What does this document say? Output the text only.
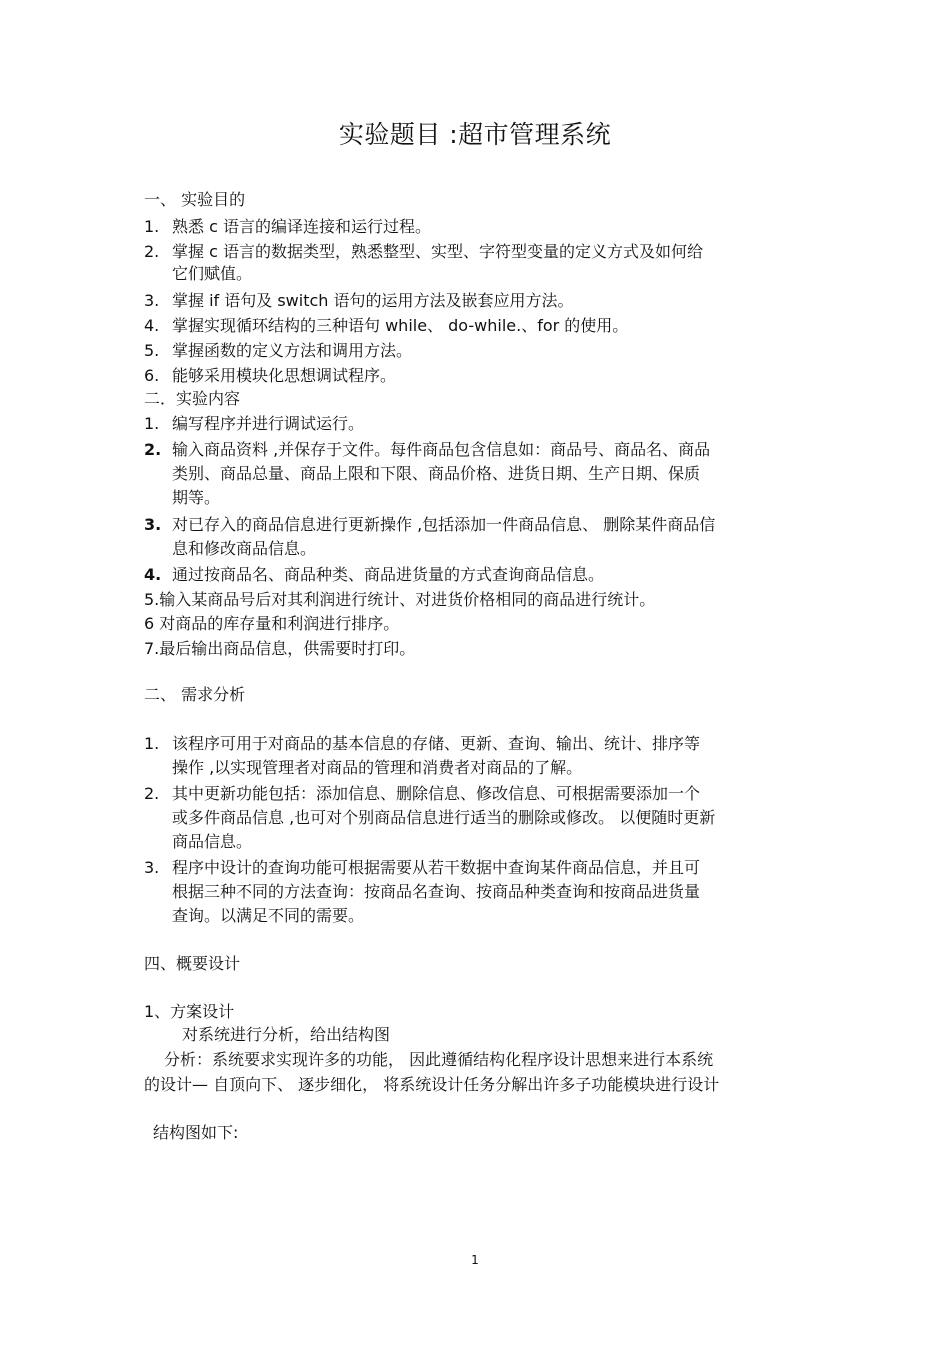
实验题目 :超市管理系统
一、 实验目的
1. 熟悉 c 语言的编译连接和运行过程。
2. 掌握 c 语言的数据类型，熟悉整型、实型、字符型变量的定义方式及如何给
它们赋值。
3. 掌握 if 语句及 switch 语句的运用方法及嵌套应用方法。
4. 掌握实现循环结构的三种语句 while、 do-while.、for 的使用。
5. 掌握函数的定义方法和调用方法。
6. 能够采用模块化思想调试程序。
二．实验内容
1. 编写程序并进行调试运行。
2. 输入商品资料 ,并保存于文件。每件商品包含信息如：商品号、商品名、商品
类别、商品总量、商品上限和下限、商品价格、进货日期、生产日期、保质
期等。
3. 对已存入的商品信息进行更新操作 ,包括添加一件商品信息、 删除某件商品信
息和修改商品信息。
4. 通过按商品名、商品种类、商品进货量的方式查询商品信息。
5.输入某商品号后对其利润进行统计、对进货价格相同的商品进行统计。
6 对商品的库存量和利润进行排序。
7.最后输出商品信息，供需要时打印。
二、 需求分析
1. 该程序可用于对商品的基本信息的存储、更新、查询、输出、统计、排序等
操作 ,以实现管理者对商品的管理和消费者对商品的了解。
2. 其中更新功能包括：添加信息、删除信息、修改信息、可根据需要添加一个
或多件商品信息 ,也可对个别商品信息进行适当的删除或修改。 以便随时更新
商品信息。
3. 程序中设计的查询功能可根据需要从若干数据中查询某件商品信息，并且可
根据三种不同的方法查询：按商品名查询、按商品种类查询和按商品进货量
查询。以满足不同的需要。
四、概要设计
1、方案设计
对系统进行分析，给出结构图
分析：系统要求实现许多的功能， 因此遵循结构化程序设计思想来进行本系统
的设计— 自顶向下、 逐步细化， 将系统设计任务分解出许多子功能模块进行设计
结构图如下:
1
